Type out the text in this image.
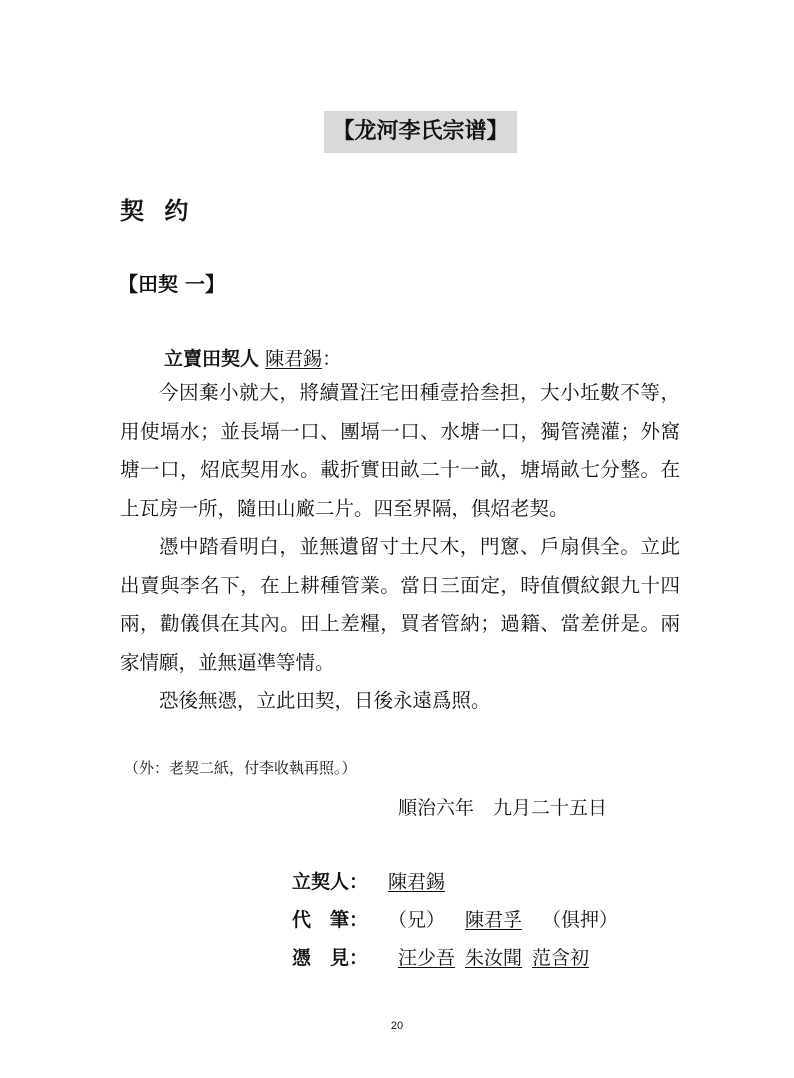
【龙河李氏宗谱】
契 约
【田契 一】
立賣田契人 陳君錫：

今因棄小就大，將續置汪宅田種壹拾叁担，大小坵數不等，用使塥水；並長塥一口、團塥一口、水塘一口，獨管澆灌；外窩塘一口，炤底契用水。載折實田畝二十一畝，塘塥畝七分整。在上瓦房一所，隨田山廠二片。四至界隔，俱炤老契。

憑中踏看明白，並無遺留寸土尺木，門窻、戶扇俱全。立此出賣與李名下，在上耕種管業。當日三面定，時值價紋銀九十四兩，勸儀俱在其內。田上差糧，買者管納；過籍、當差併是。兩家情願，並無逼凖等情。

恐後無憑，立此田契，日後永遠爲照。

（外：老契二紙，付李收執再照。）
順治六年　九月二十五日
立契人：	陳君錫
代　筆：	（兄） 陳君孚 （俱押）
憑　見：	汪少吾 朱汝聞 范含初
20
